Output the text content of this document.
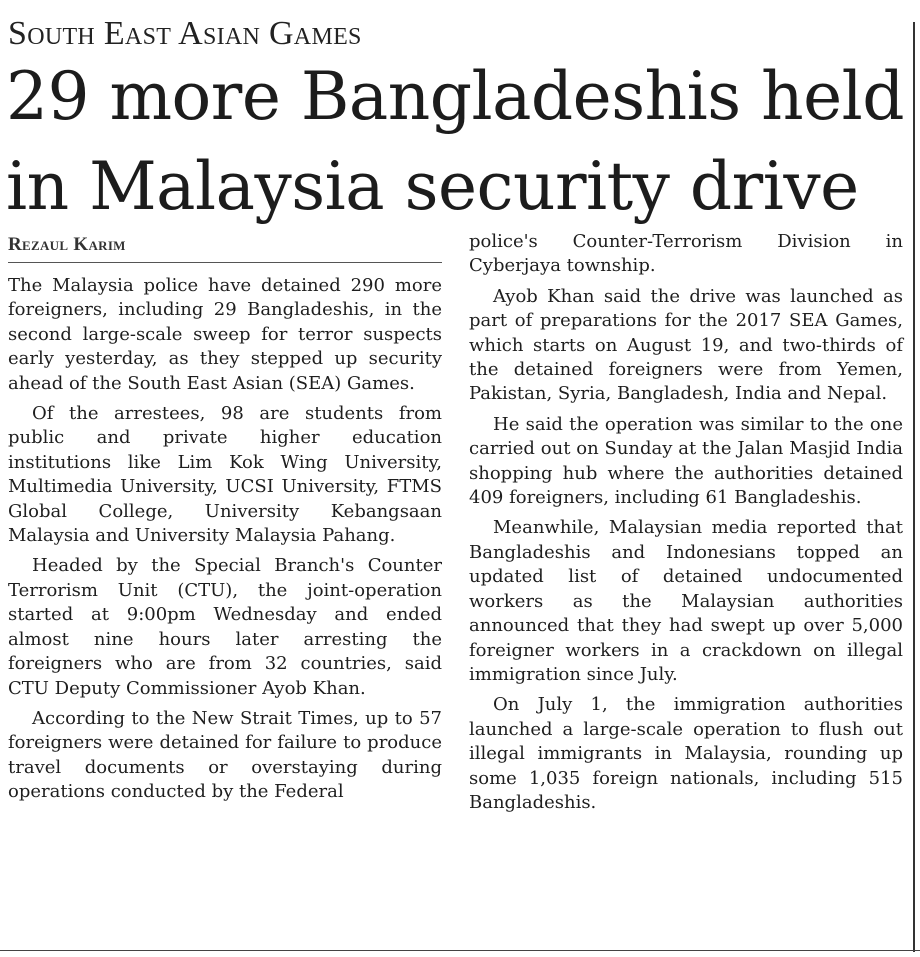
South East Asian Games
29 more Bangladeshis held in Malaysia security drive
Rezaul Karim

The Malaysia police have detained 290 more foreigners, including 29 Bangladeshis, in the second large-scale sweep for terror suspects early yesterday, as they stepped up security ahead of the South East Asian (SEA) Games.

Of the arrestees, 98 are students from public and private higher education institutions like Lim Kok Wing University, Multimedia University, UCSI University, FTMS Global College, University Kebangsaan Malaysia and University Malaysia Pahang.

Headed by the Special Branch's Counter Terrorism Unit (CTU), the joint-operation started at 9:00pm Wednesday and ended almost nine hours later arresting the foreigners who are from 32 countries, said CTU Deputy Commissioner Ayob Khan.

According to the New Strait Times, up to 57 foreigners were detained for failure to produce travel documents or overstaying during operations conducted by the Federal

police's Counter-Terrorism Division in Cyberjaya township.

Ayob Khan said the drive was launched as part of preparations for the 2017 SEA Games, which starts on August 19, and two-thirds of the detained foreigners were from Yemen, Pakistan, Syria, Bangladesh, India and Nepal.

He said the operation was similar to the one carried out on Sunday at the Jalan Masjid India shopping hub where the authorities detained 409 foreigners, including 61 Bangladeshis.

Meanwhile, Malaysian media reported that Bangladeshis and Indonesians topped an updated list of detained undocumented workers as the Malaysian authorities announced that they had swept up over 5,000 foreigner workers in a crackdown on illegal immigration since July.

On July 1, the immigration authorities launched a large-scale operation to flush out illegal immigrants in Malaysia, rounding up some 1,035 foreign nationals, including 515 Bangladeshis.
